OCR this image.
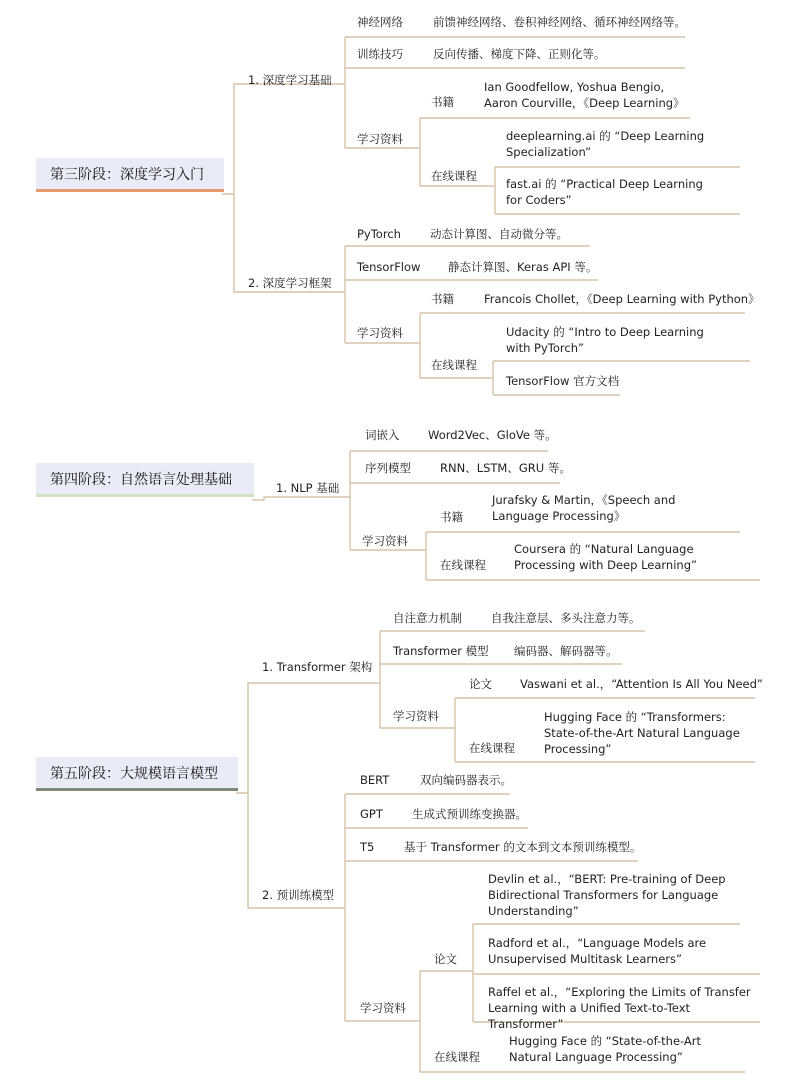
第三阶段：深度学习入门
1. 深度学习基础
神经网络	前馈神经网络、卷积神经网络、循环神经网络等。
训练技巧	反向传播、梯度下降、正则化等。
学习资料
书籍
Ian Goodfellow, Yoshua Bengio, Aaron Courville，《Deep Learning》
在线课程
deeplearning.ai 的 “Deep Learning Specialization”
fast.ai 的 “Practical Deep Learning for Coders”
2. 深度学习框架
PyTorch	动态计算图、自动微分等。
TensorFlow 静态计算图、Keras API 等。
学习资料
书籍	Francois Chollet，《Deep Learning with Python》
在线课程
Udacity 的 “Intro to Deep Learning with PyTorch”
TensorFlow 官方文档
第四阶段：自然语言处理基础	1. NLP 基础
词嵌入 Word2Vec、GloVe 等。
序列模型	RNN、LSTM、GRU 等。
学习资料
书籍
Jurafsky & Martin，《Speech and Language Processing》
在线课程
Coursera 的 “Natural Language Processing with Deep Learning”
第五阶段：大规模语言模型
1. Transformer 架构
自注意力机制	自我注意层、多头注意力等。
Transformer 模型 编码器、解码器等。
学习资料
论文 Vaswani et al.，“Attention Is All You Need”
在线课程
Hugging Face 的 “Transformers: State-of-the-Art Natural Language Processing”
2. 预训练模型
BERT	双向编码器表示。
GPT	生成式预训练变换器。
T5	基于 Transformer 的文本到文本预训练模型。
学习资料
论文
Devlin et al.，“BERT: Pre-training of Deep Bidirectional Transformers for Language Understanding”
Radford et al.，“Language Models are Unsupervised Multitask Learners”
Raffel et al.，“Exploring the Limits of Transfer Learning with a Unified Text-to-Text Transformer”
在线课程
Hugging Face 的 “State-of-the-Art Natural Language Processing”
